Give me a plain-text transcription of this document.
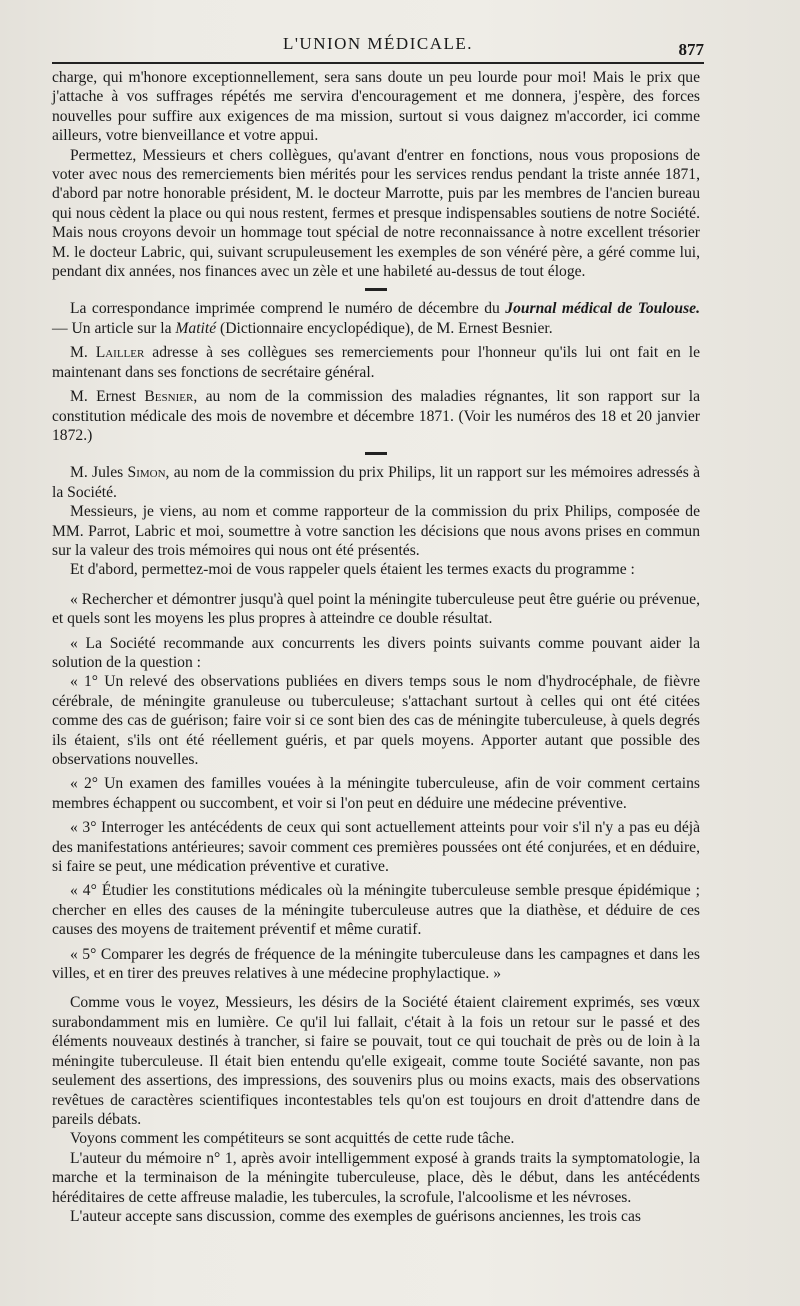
L'UNION MÉDICALE.	877

charge, qui m'honore exceptionnellement, sera sans doute un peu lourde pour moi! Mais le prix que j'attache à vos suffrages répétés me servira d'encouragement et me donnera, j'espère, des forces nouvelles pour suffire aux exigences de ma mission, surtout si vous daignez m'accorder, ici comme ailleurs, votre bienveillance et votre appui.

Permettez, Messieurs et chers collègues, qu'avant d'entrer en fonctions, nous vous proposions de voter avec nous des remerciements bien mérités pour les services rendus pendant la triste année 1871, d'abord par notre honorable président, M. le docteur Marrotte, puis par les membres de l'ancien bureau qui nous cèdent la place ou qui nous restent, fermes et presque indispensables soutiens de notre Société. Mais nous croyons devoir un hommage tout spécial de notre reconnaissance à notre excellent trésorier M. le docteur Labric, qui, suivant scrupuleusement les exemples de son vénéré père, a géré comme lui, pendant dix années, nos finances avec un zèle et une habileté au-dessus de tout éloge.

La correspondance imprimée comprend le numéro de décembre du Journal médical de Toulouse. — Un article sur la Matité (Dictionnaire encyclopédique), de M. Ernest Besnier.

M. Lailler adresse à ses collègues ses remerciements pour l'honneur qu'ils lui ont fait en le maintenant dans ses fonctions de secrétaire général.

M. Ernest Besnier, au nom de la commission des maladies régnantes, lit son rapport sur la constitution médicale des mois de novembre et décembre 1871. (Voir les numéros des 18 et 20 janvier 1872.)

M. Jules Simon, au nom de la commission du prix Philips, lit un rapport sur les mémoires adressés à la Société.

Messieurs, je viens, au nom et comme rapporteur de la commission du prix Philips, composée de MM. Parrot, Labric et moi, soumettre à votre sanction les décisions que nous avons prises en commun sur la valeur des trois mémoires qui nous ont été présentés.

Et d'abord, permettez-moi de vous rappeler quels étaient les termes exacts du programme :

« Rechercher et démontrer jusqu'à quel point la méningite tuberculeuse peut être guérie ou prévenue, et quels sont les moyens les plus propres à atteindre ce double résultat.

« La Société recommande aux concurrents les divers points suivants comme pouvant aider la solution de la question :

« 1° Un relevé des observations publiées en divers temps sous le nom d'hydrocéphale, de fièvre cérébrale, de méningite granuleuse ou tuberculeuse; s'attachant surtout à celles qui ont été citées comme des cas de guérison; faire voir si ce sont bien des cas de méningite tuberculeuse, à quels degrés ils étaient, s'ils ont été réellement guéris, et par quels moyens. Apporter autant que possible des observations nouvelles.

« 2° Un examen des familles vouées à la méningite tuberculeuse, afin de voir comment certains membres échappent ou succombent, et voir si l'on peut en déduire une médecine préventive.

« 3° Interroger les antécédents de ceux qui sont actuellement atteints pour voir s'il n'y a pas eu déjà des manifestations antérieures; savoir comment ces premières poussées ont été conjurées, et en déduire, si faire se peut, une médication préventive et curative.

« 4° Étudier les constitutions médicales où la méningite tuberculeuse semble presque épidémique ; chercher en elles des causes de la méningite tuberculeuse autres que la diathèse, et déduire de ces causes des moyens de traitement préventif et même curatif.

« 5° Comparer les degrés de fréquence de la méningite tuberculeuse dans les campagnes et dans les villes, et en tirer des preuves relatives à une médecine prophylactique. »

Comme vous le voyez, Messieurs, les désirs de la Société étaient clairement exprimés, ses vœux surabondamment mis en lumière. Ce qu'il lui fallait, c'était à la fois un retour sur le passé et des éléments nouveaux destinés à trancher, si faire se pouvait, tout ce qui touchait de près ou de loin à la méningite tuberculeuse. Il était bien entendu qu'elle exigeait, comme toute Société savante, non pas seulement des assertions, des impressions, des souvenirs plus ou moins exacts, mais des observations revêtues de caractères scientifiques incontestables tels qu'on est toujours en droit d'attendre dans de pareils débats.

Voyons comment les compétiteurs se sont acquittés de cette rude tâche.

L'auteur du mémoire n° 1, après avoir intelligemment exposé à grands traits la symptomatologie, la marche et la terminaison de la méningite tuberculeuse, place, dès le début, dans les antécédents héréditaires de cette affreuse maladie, les tubercules, la scrofule, l'alcoolisme et les névroses.

L'auteur accepte sans discussion, comme des exemples de guérisons anciennes, les trois cas
